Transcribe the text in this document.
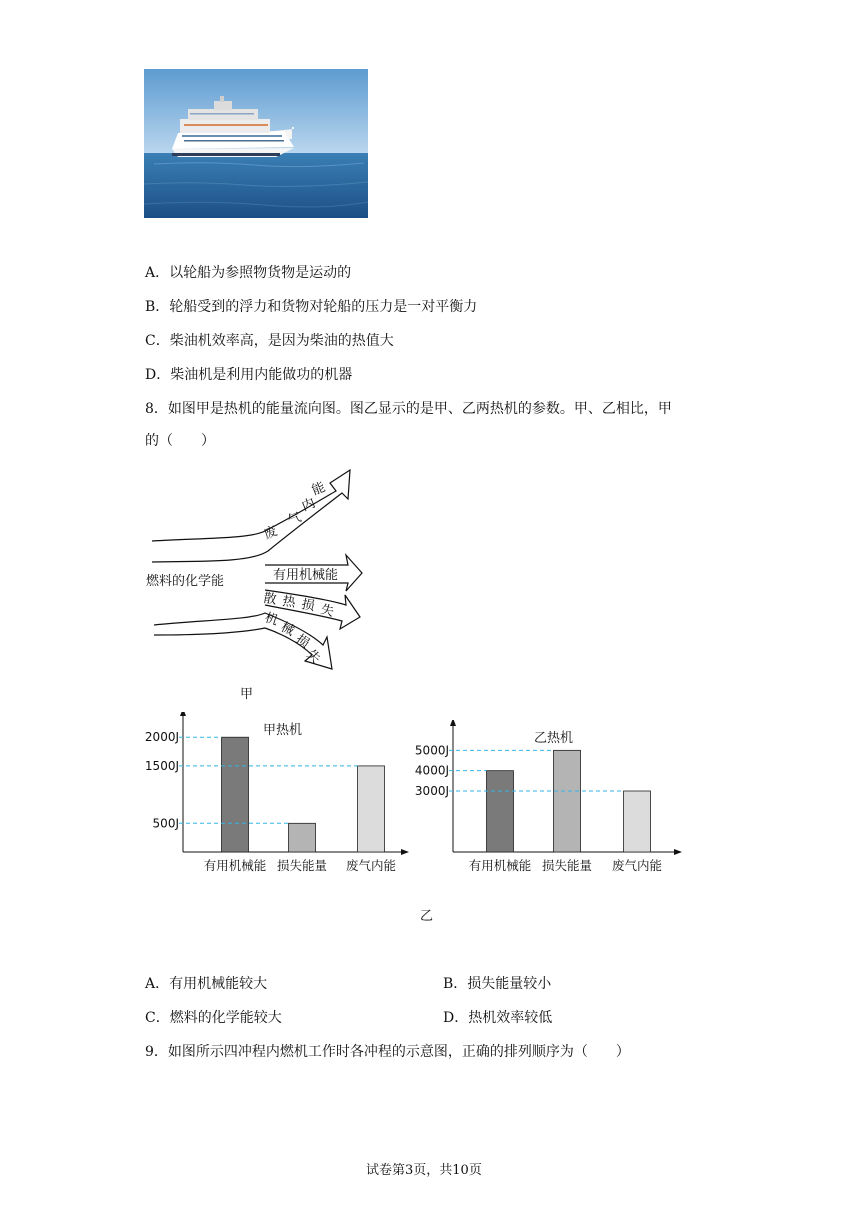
A．以轮船为参照物货物是运动的
B．轮船受到的浮力和货物对轮船的压力是一对平衡力
C．柴油机效率高，是因为柴油的热值大
D．柴油机是利用内能做功的机器
8．如图甲是热机的能量流向图。图乙显示的是甲、乙两热机的参数。甲、乙相比，甲
的（　　）
燃料的化学能
废
气
内
能
有用机械能
散 热 损 失
机
械
损
失
甲
甲热机
有用机械能 损失能量 废气内能
500J
1500J
2000J	乙热机
有用机械能 损失能量 废气内能
3000J
4000J
5000J
乙
A．有用机械能较大	B．损失能量较小
C．燃料的化学能较大	D．热机效率较低
9．如图所示四冲程内燃机工作时各冲程的示意图，正确的排列顺序为（　　）
试卷第3页，共10页
